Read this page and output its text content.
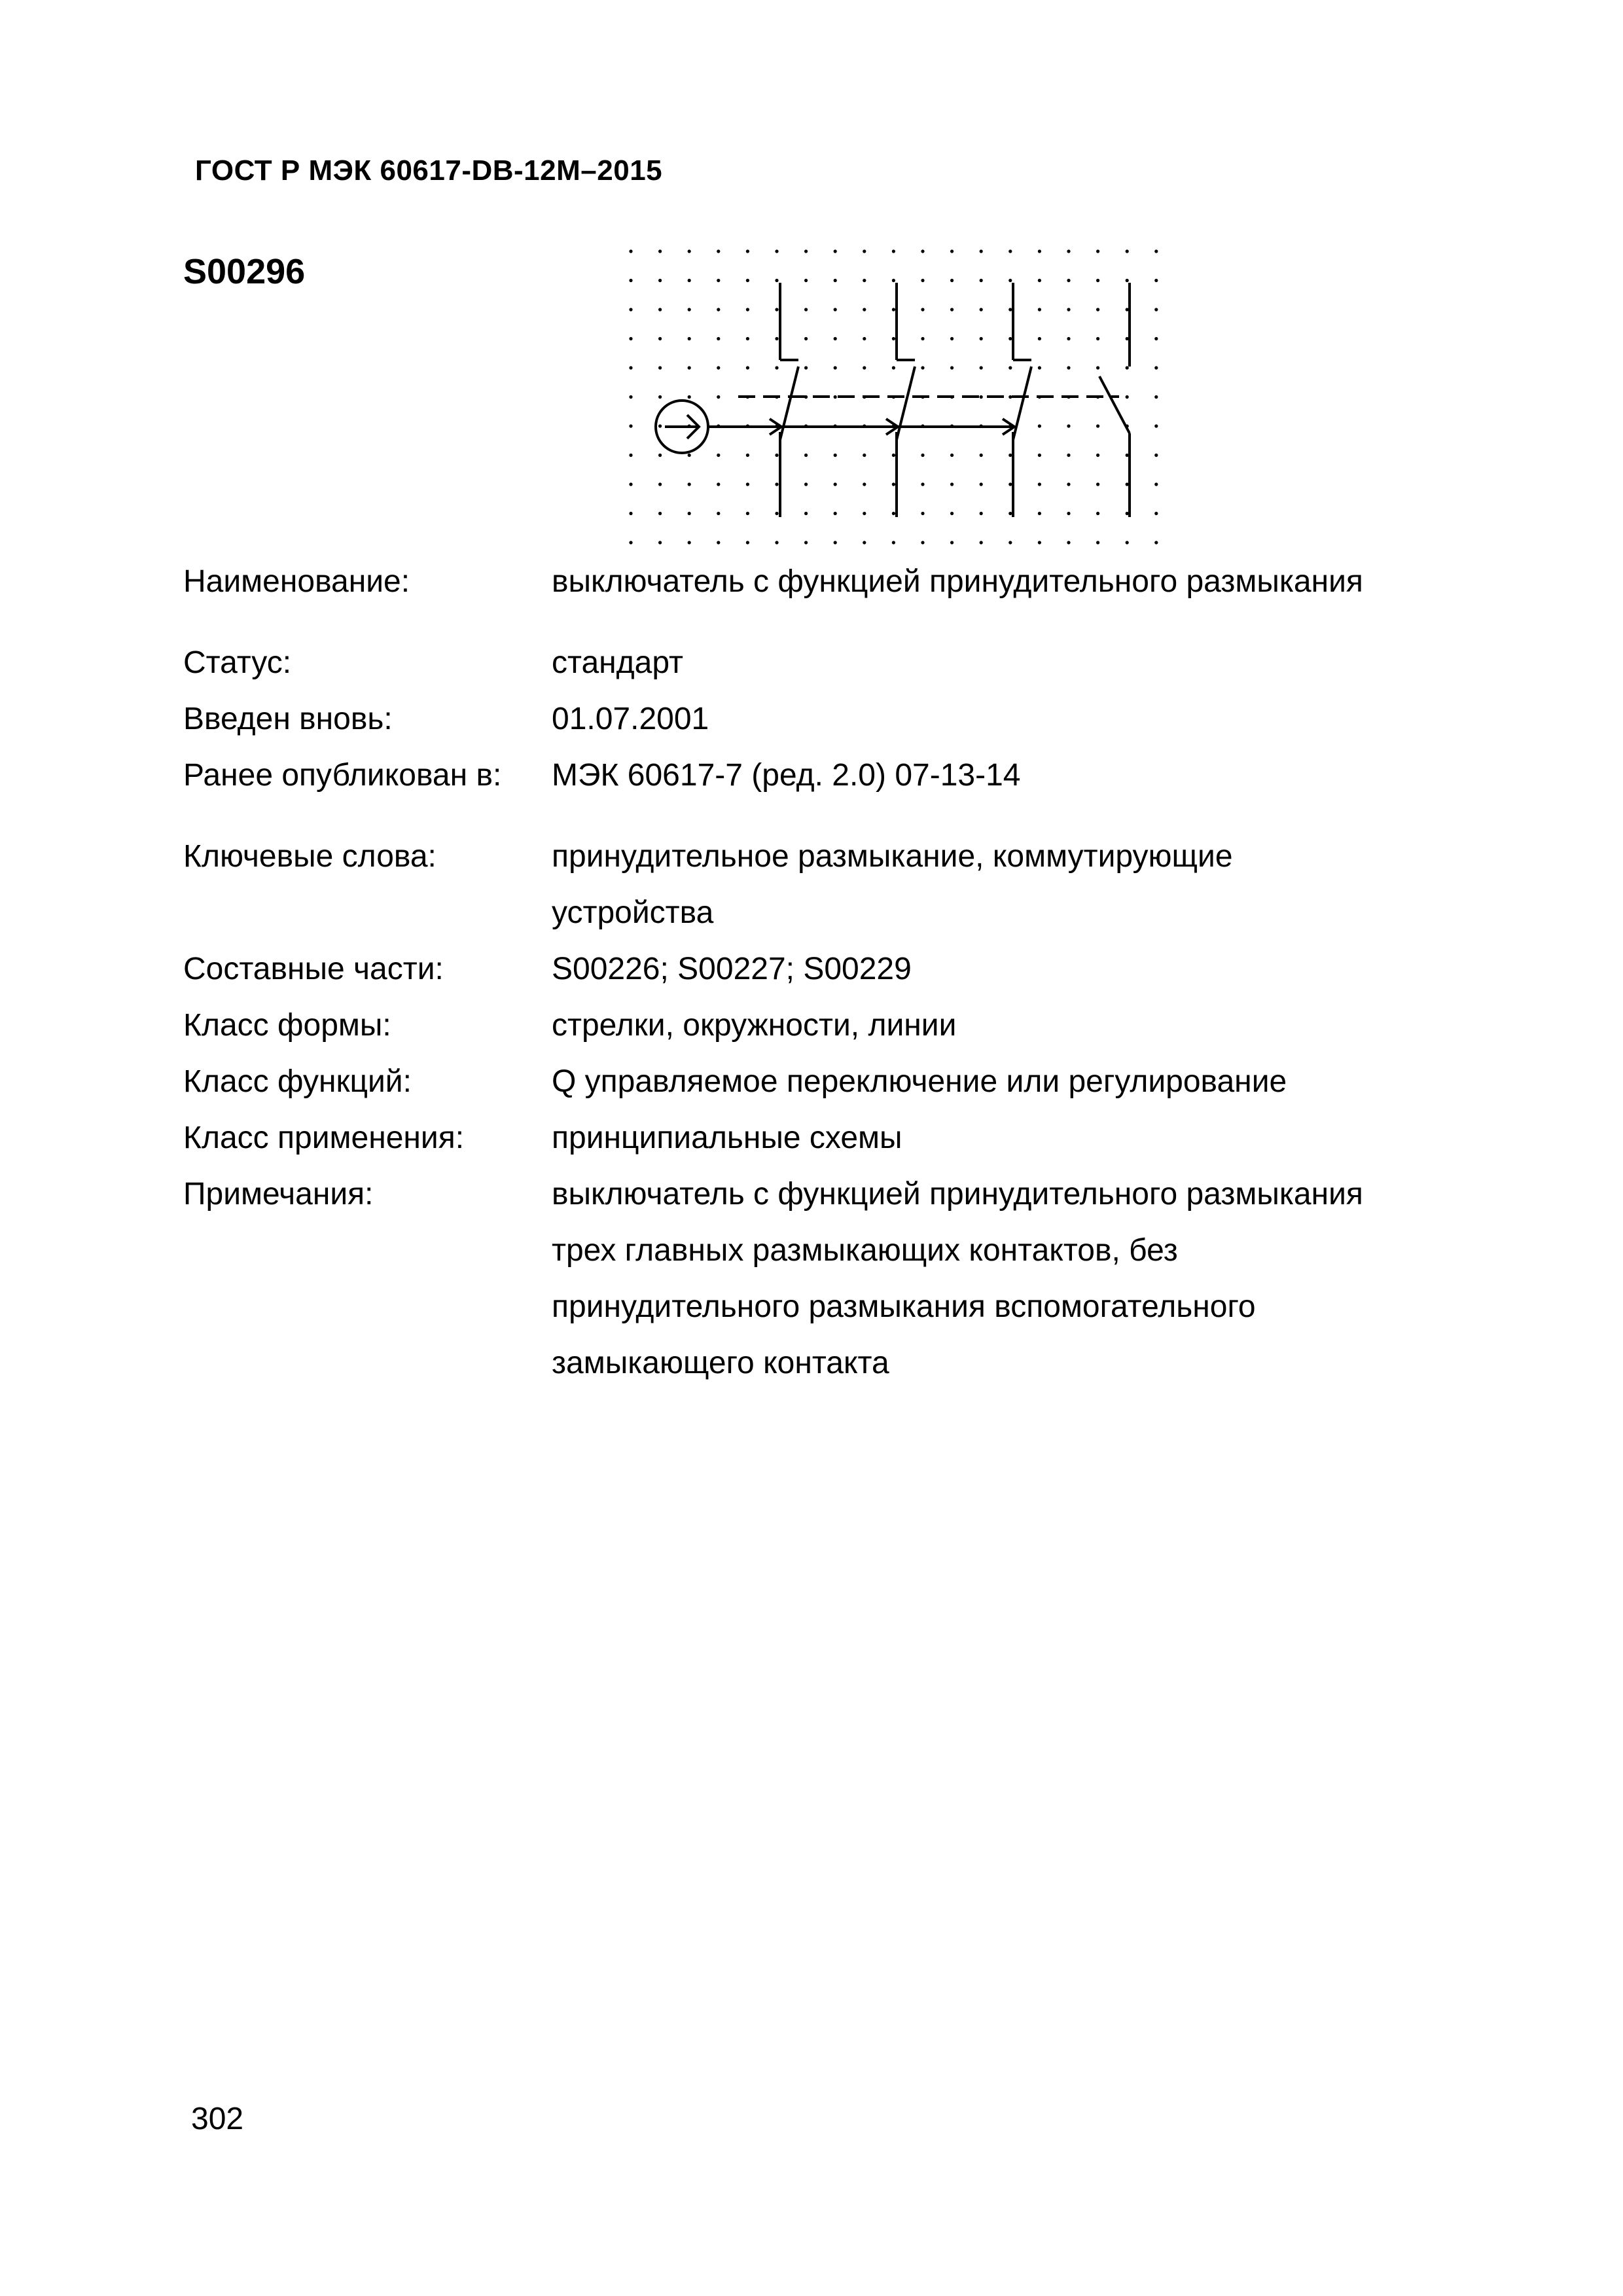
ГОСТ Р МЭК 60617-DB-12M–2015
S00296
Наименование:	выключатель с функцией принудительного размыкания
Статус:	стандарт
Введен вновь:	01.07.2001
Ранее опубликован в: МЭК 60617-7 (ред. 2.0) 07-13-14
Ключевые слова:	принудительное размыкание, коммутирующие
устройства
Составные части:	S00226; S00227; S00229
Класс формы:	стрелки, окружности, линии
Класс функций:	Q управляемое переключение или регулирование
Класс применения:	принципиальные схемы
Примечания:	выключатель с функцией принудительного размыкания
трех главных размыкающих контактов, без
принудительного размыкания вспомогательного
замыкающего контакта
302
